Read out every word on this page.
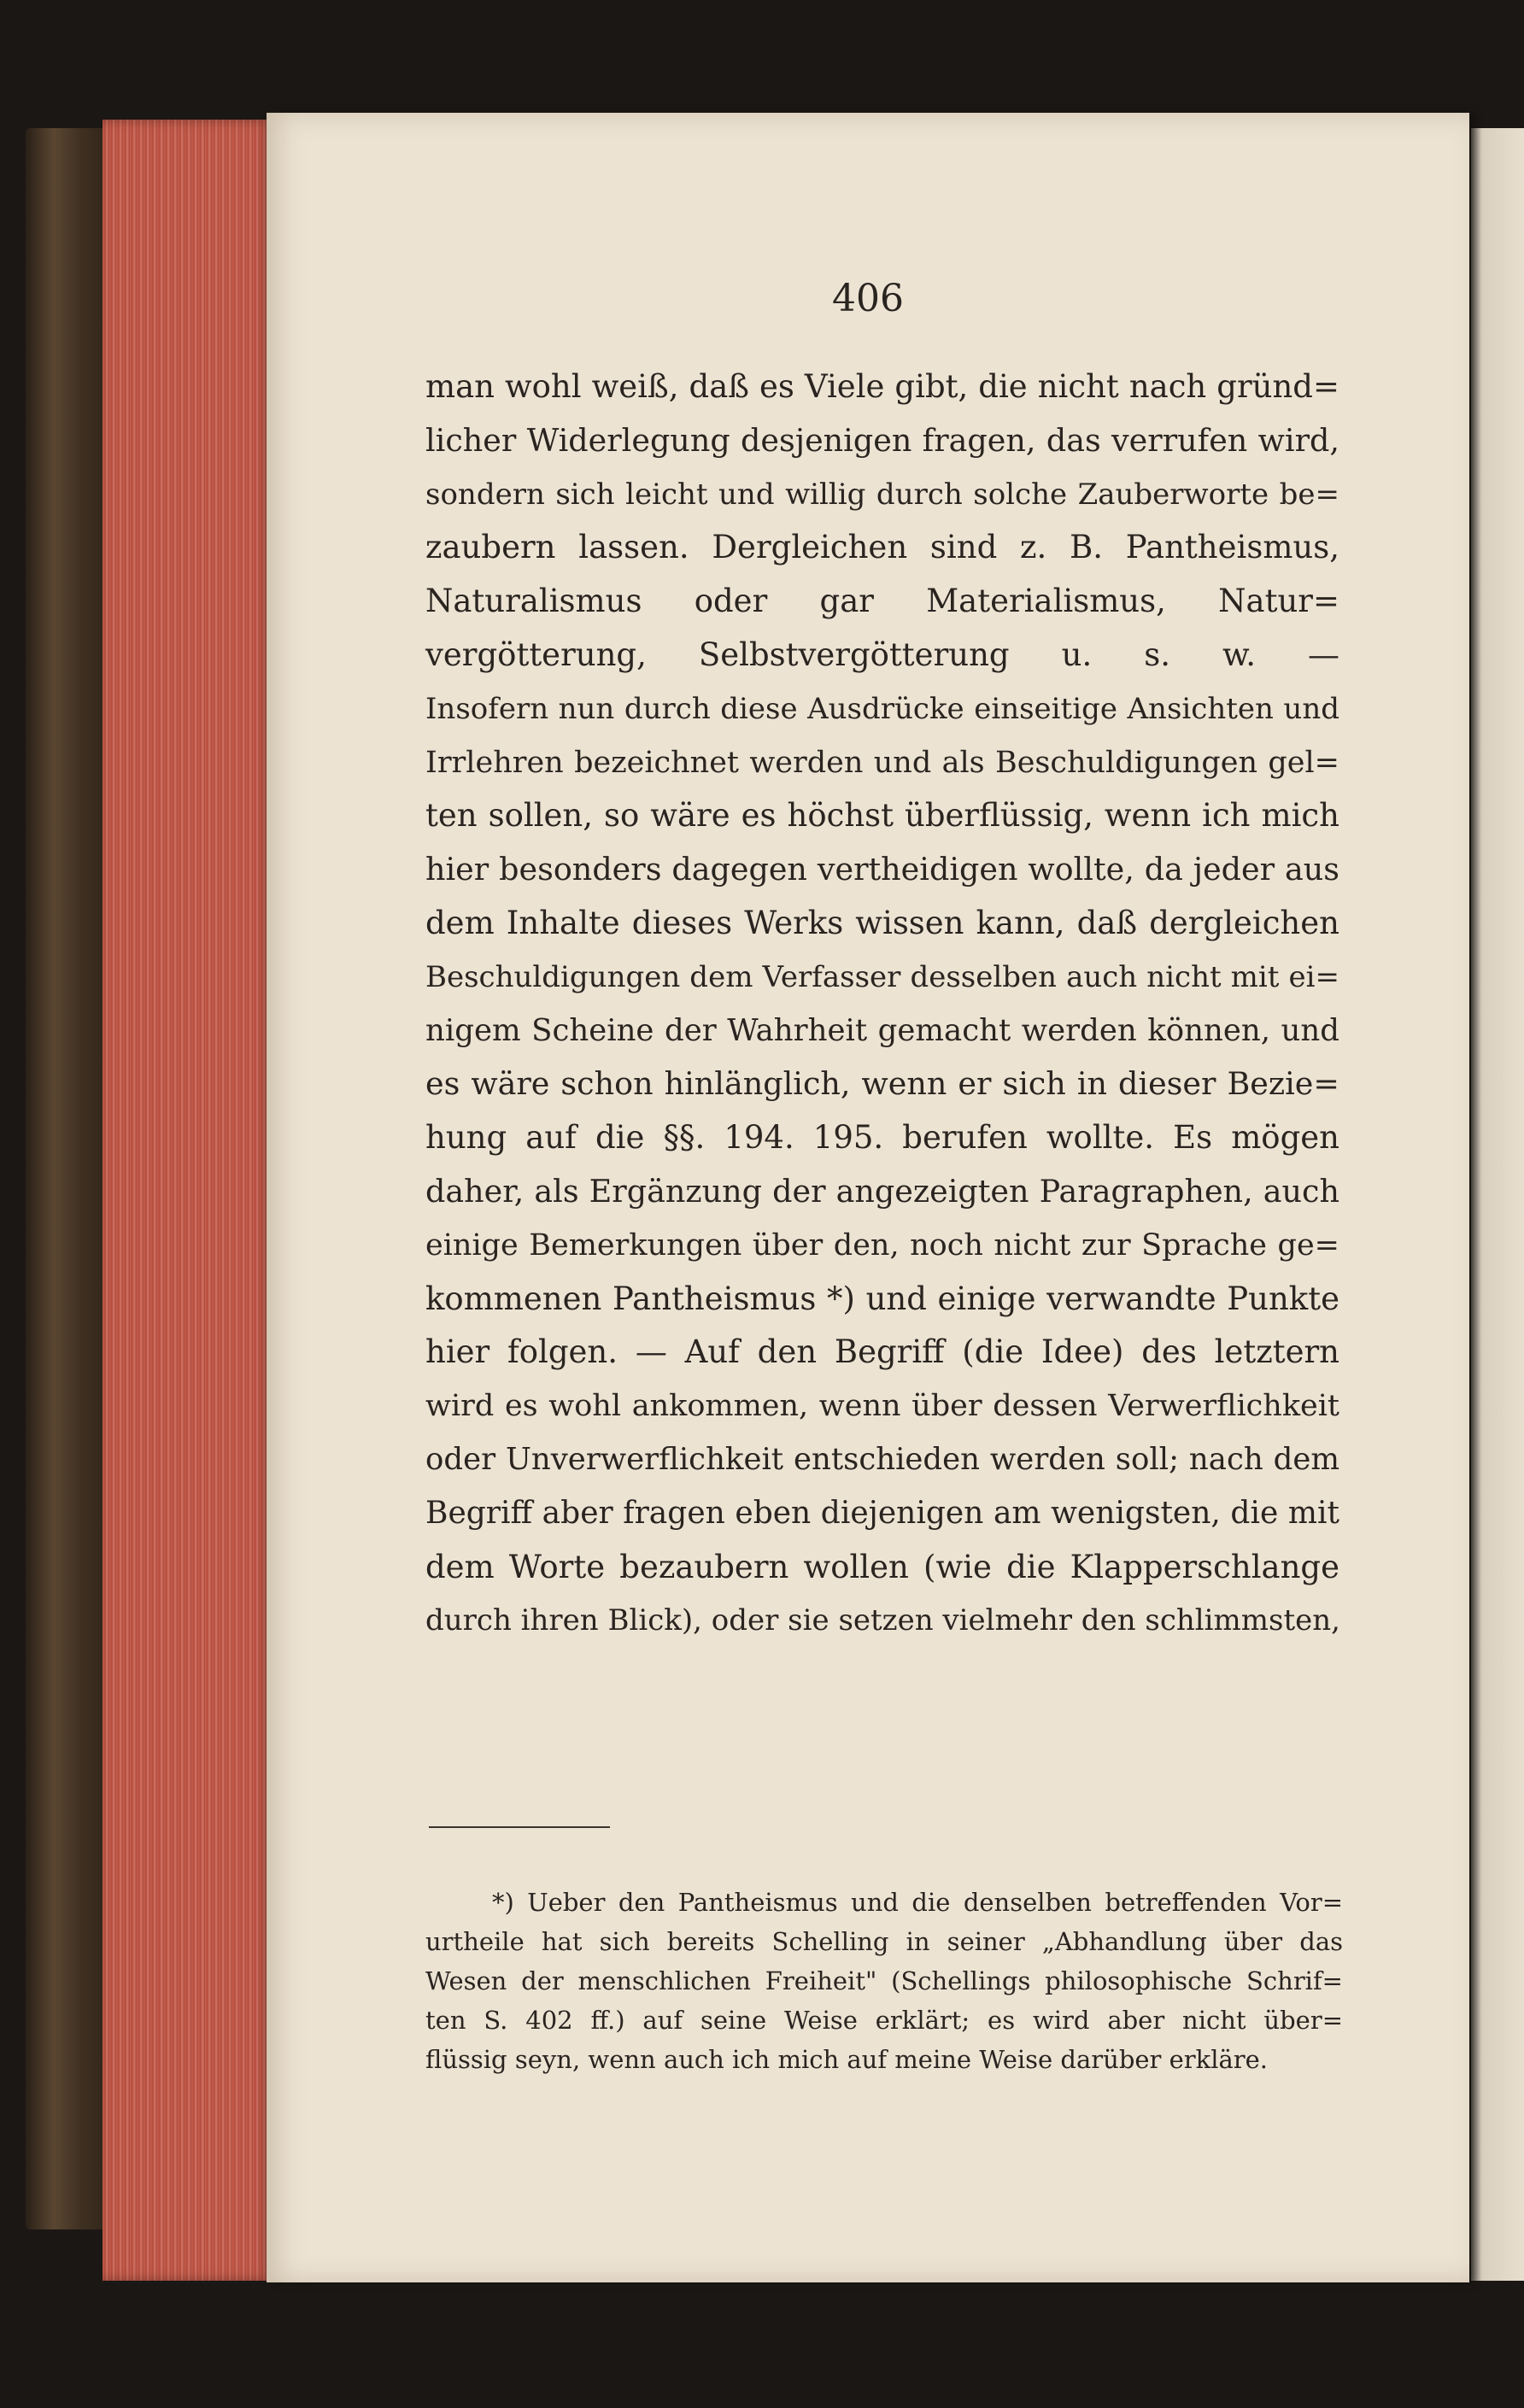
406
man wohl weiß, daß es Viele gibt, die nicht nach gründ=
licher Widerlegung desjenigen fragen, das verrufen wird,
sondern sich leicht und willig durch solche Zauberworte be=
zaubern lassen. Dergleichen sind z. B. Pantheismus,
Naturalismus oder gar Materialismus, Natur=
vergötterung, Selbstvergötterung u. s. w. —
Insofern nun durch diese Ausdrücke einseitige Ansichten und
Irrlehren bezeichnet werden und als Beschuldigungen gel=
ten sollen, so wäre es höchst überflüssig, wenn ich mich
hier besonders dagegen vertheidigen wollte, da jeder aus
dem Inhalte dieses Werks wissen kann, daß dergleichen
Beschuldigungen dem Verfasser desselben auch nicht mit ei=
nigem Scheine der Wahrheit gemacht werden können, und
es wäre schon hinlänglich, wenn er sich in dieser Bezie=
hung auf die §§. 194. 195. berufen wollte. Es mögen
daher, als Ergänzung der angezeigten Paragraphen, auch
einige Bemerkungen über den, noch nicht zur Sprache ge=
kommenen Pantheismus *) und einige verwandte Punkte
hier folgen. — Auf den Begriff (die Idee) des letztern
wird es wohl ankommen, wenn über dessen Verwerflichkeit
oder Unverwerflichkeit entschieden werden soll; nach dem
Begriff aber fragen eben diejenigen am wenigsten, die mit
dem Worte bezaubern wollen (wie die Klapperschlange
durch ihren Blick), oder sie setzen vielmehr den schlimmsten,
*) Ueber den Pantheismus und die denselben betreffenden Vor=
urtheile hat sich bereits Schelling in seiner „Abhandlung über das
Wesen der menschlichen Freiheit" (Schellings philosophische Schrif=
ten S. 402 ff.) auf seine Weise erklärt; es wird aber nicht über=
flüssig seyn, wenn auch ich mich auf meine Weise darüber erkläre.
